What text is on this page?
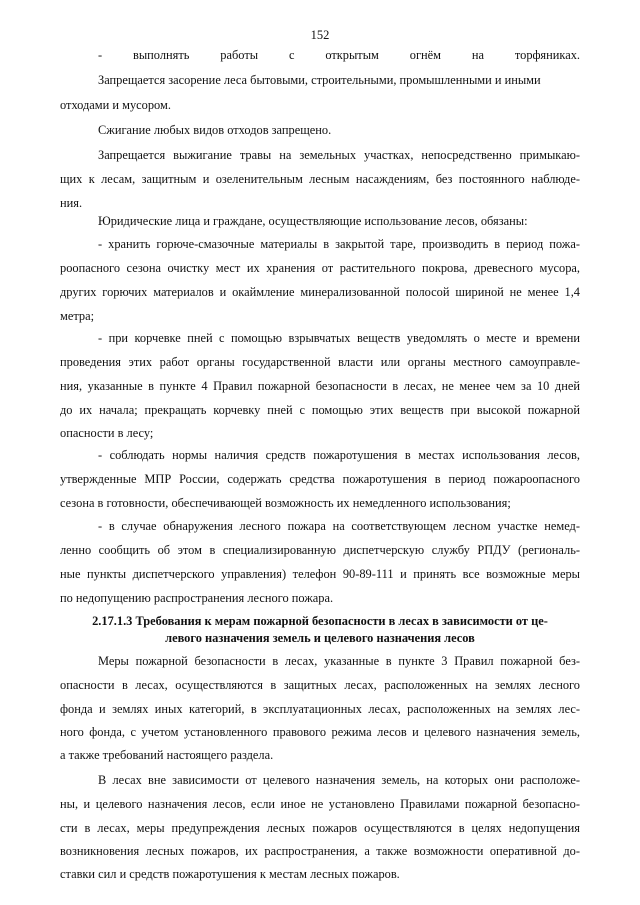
152
- выполнять работы с открытым огнём на торфяниках.
Запрещается засорение леса бытовыми, строительными, промышленными и иными
отходами и мусором.
Сжигание любых видов отходов запрещено.
Запрещается выжигание травы на земельных участках, непосредственно примыкаю-
щих к лесам, защитным и озеленительным лесным насаждениям, без постоянного наблюде-
ния.
Юридические лица и граждане, осуществляющие использование лесов, обязаны:
- хранить горюче-смазочные материалы в закрытой таре, производить в период пожа-
роопасного сезона очистку мест их хранения от растительного покрова, древесного мусора,
других горючих материалов и окаймление минерализованной полосой шириной не менее 1,4
метра;
- при корчевке пней с помощью взрывчатых веществ уведомлять о месте и времени
проведения этих работ органы государственной власти или органы местного самоуправле-
ния, указанные в пункте 4 Правил пожарной безопасности в лесах, не менее чем за 10 дней
до их начала; прекращать корчевку пней с помощью этих веществ при высокой пожарной
опасности в лесу;
- соблюдать нормы наличия средств пожаротушения в местах использования лесов,
утвержденные МПР России, содержать средства пожаротушения в период пожароопасного
сезона в готовности, обеспечивающей возможность их немедленного использования;
- в случае обнаружения лесного пожара на соответствующем лесном участке немед-
ленно сообщить об этом в специализированную диспетчерскую службу РПДУ (региональ-
ные пункты диспетчерского управления) телефон 90-89-111 и принять все возможные меры
по недопущению распространения лесного пожара.
2.17.1.3 Требования к мерам пожарной безопасности в лесах в зависимости от це-
левого назначения земель и целевого назначения лесов
Меры пожарной безопасности в лесах, указанные в пункте 3 Правил пожарной без-
опасности в лесах, осуществляются в защитных лесах, расположенных на землях лесного
фонда и землях иных категорий, в эксплуатационных лесах, расположенных на землях лес-
ного фонда, с учетом установленного правового режима лесов и целевого назначения земель,
а также требований настоящего раздела.
В лесах вне зависимости от целевого назначения земель, на которых они расположе-
ны, и целевого назначения лесов, если иное не установлено Правилами пожарной безопасно-
сти в лесах, меры предупреждения лесных пожаров осуществляются в целях недопущения
возникновения лесных пожаров, их распространения, а также возможности оперативной до-
ставки сил и средств пожаротушения к местам лесных пожаров.
